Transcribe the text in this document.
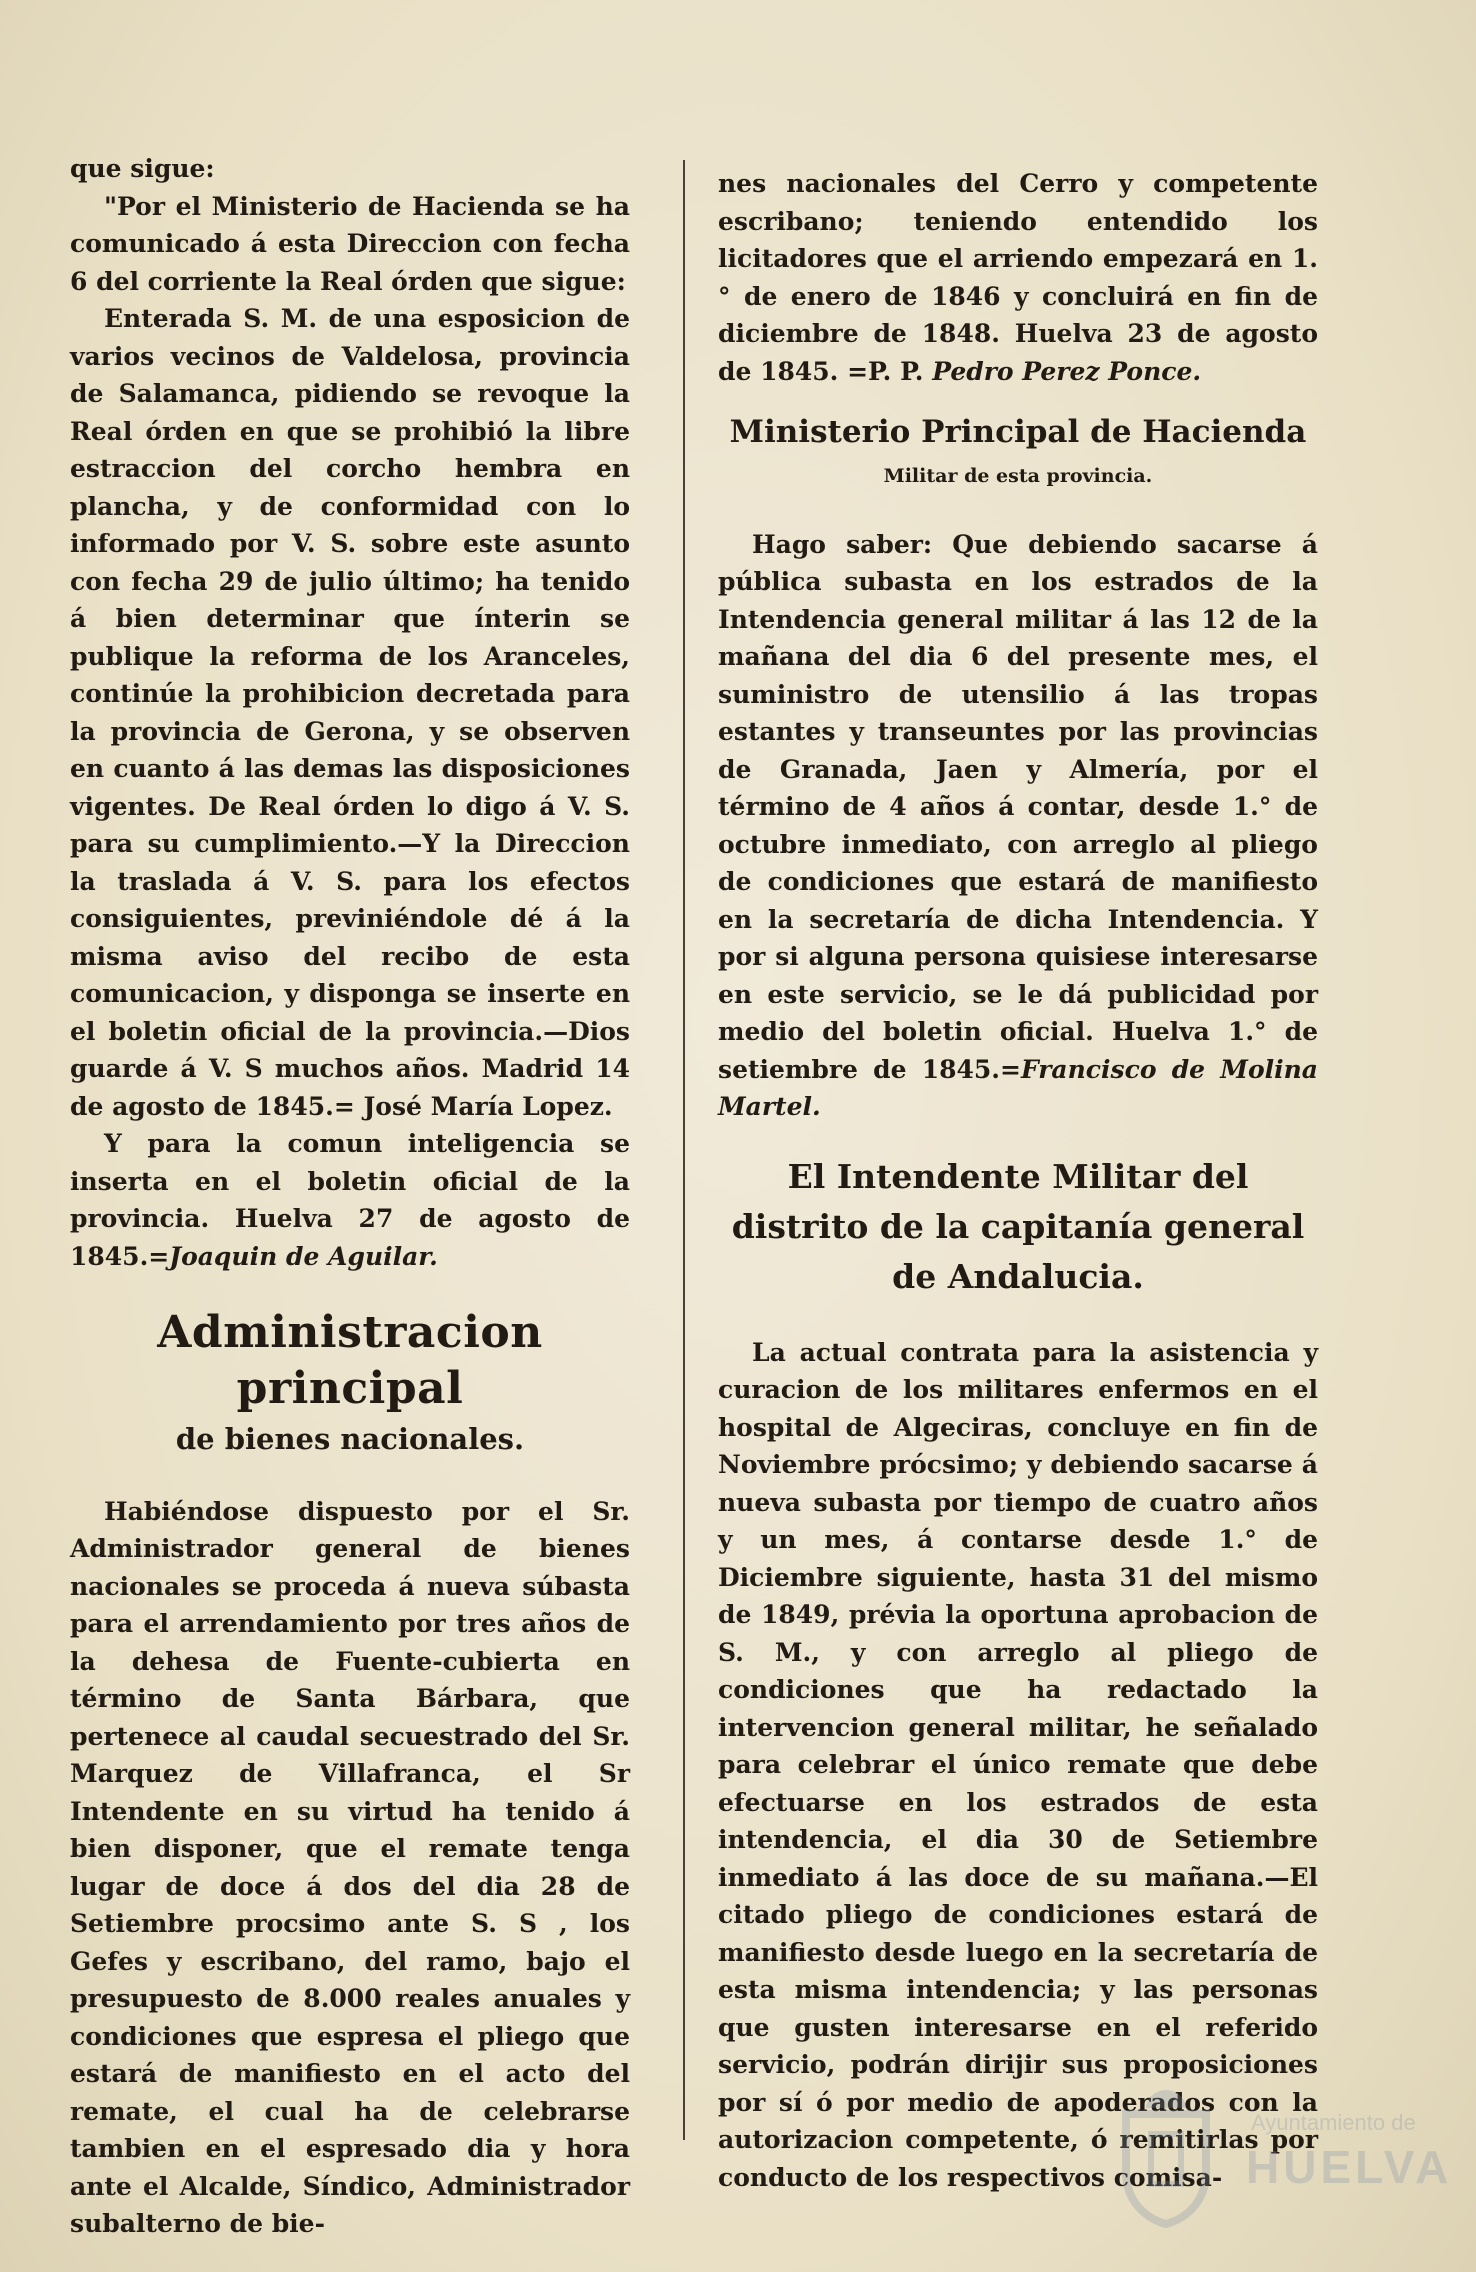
que sigue:

"Por el Ministerio de Hacienda se ha comunicado á esta Direccion con fecha 6 del corriente la Real órden que sigue:

Enterada S. M. de una esposicion de varios vecinos de Valdelosa, provincia de Salamanca, pidiendo se revoque la Real órden en que se prohibió la libre estraccion del corcho hembra en plancha, y de conformidad con lo informado por V. S. sobre este asunto con fecha 29 de julio último; ha tenido á bien determinar que ínterin se publique la reforma de los Aranceles, continúe la prohibicion decretada para la provincia de Gerona, y se observen en cuanto á las demas las disposiciones vigentes. De Real órden lo digo á V. S. para su cumplimiento.—Y la Direccion la traslada á V. S. para los efectos consiguientes, previniéndole dé á la misma aviso del recibo de esta comunicacion, y disponga se inserte en el boletin oficial de la provincia.—Dios guarde á V. S muchos años. Madrid 14 de agosto de 1845.= José María Lopez.

Y para la comun inteligencia se inserta en el boletin oficial de la provincia. Huelva 27 de agosto de 1845.=Joaquin de Aguilar.

Administracion principal
de bienes nacionales.

Habiéndose dispuesto por el Sr. Administrador general de bienes nacionales se proceda á nueva súbasta para el arrendamiento por tres años de la dehesa de Fuente-cubierta en término de Santa Bárbara, que pertenece al caudal secuestrado del Sr. Marquez de Villafranca, el Sr Intendente en su virtud ha tenido á bien disponer, que el remate tenga lugar de doce á dos del dia 28 de Setiembre procsimo ante S. S , los Gefes y escribano, del ramo, bajo el presupuesto de 8.000 reales anuales y condiciones que espresa el pliego que estará de manifiesto en el acto del remate, el cual ha de celebrarse tambien en el espresado dia y hora ante el Alcalde, Síndico, Administrador subalterno de bie-

nes nacionales del Cerro y competente escribano; teniendo entendido los licitadores que el arriendo empezará en 1.° de enero de 1846 y concluirá en fin de diciembre de 1848. Huelva 23 de agosto de 1845. =P. P. Pedro Perez Ponce.

Ministerio Principal de Hacienda
Militar de esta provincia.

Hago saber: Que debiendo sacarse á pública subasta en los estrados de la Intendencia general militar á las 12 de la mañana del dia 6 del presente mes, el suministro de utensilio á las tropas estantes y transeuntes por las provincias de Granada, Jaen y Almería, por el término de 4 años á contar, desde 1.° de octubre inmediato, con arreglo al pliego de condiciones que estará de manifiesto en la secretaría de dicha Intendencia. Y por si alguna persona quisiese interesarse en este servicio, se le dá publicidad por medio del boletin oficial. Huelva 1.° de setiembre de 1845.=Francisco de Molina Martel.

El Intendente Militar del distrito de la capitanía general de Andalucia.

La actual contrata para la asistencia y curacion de los militares enfermos en el hospital de Algeciras, concluye en fin de Noviembre prócsimo; y debiendo sacarse á nueva subasta por tiempo de cuatro años y un mes, á contarse desde 1.° de Diciembre siguiente, hasta 31 del mismo de 1849, prévia la oportuna aprobacion de S. M., y con arreglo al pliego de condiciones que ha redactado la intervencion general militar, he señalado para celebrar el único remate que debe efectuarse en los estrados de esta intendencia, el dia 30 de Setiembre inmediato á las doce de su mañana.—El citado pliego de condiciones estará de manifiesto desde luego en la secretaría de esta misma intendencia; y las personas que gusten interesarse en el referido servicio, podrán dirijir sus proposiciones por sí ó por medio de apoderados con la autorizacion competente, ó remitirlas por conducto de los respectivos comisa-

Ayuntamiento de
HUELVA
